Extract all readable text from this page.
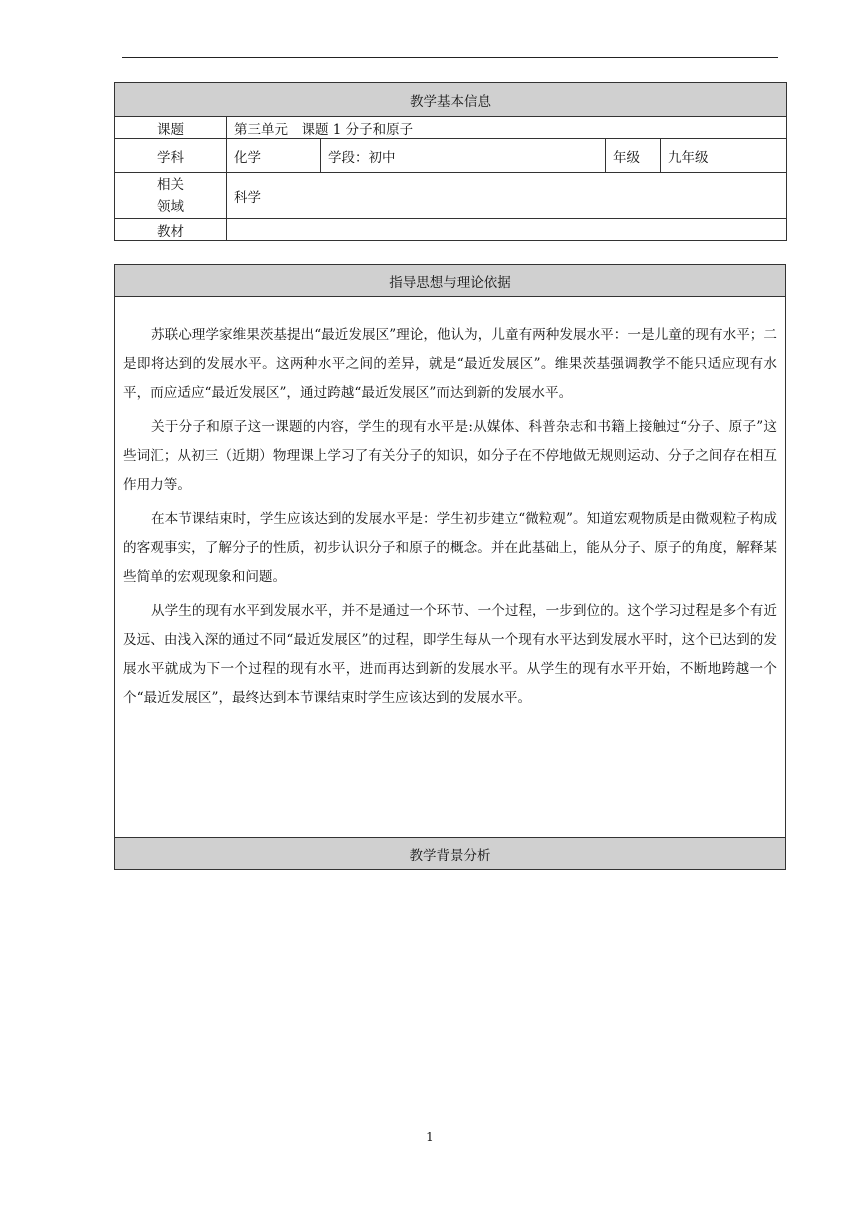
教学基本信息				
课题	第三单元　课题 1 分子和原子			
学科	化学	学段：初中	年级	九年级

相关
领域	科学			
教材				
指导思想与理论依据

苏联心理学家维果茨基提出“最近发展区”理论，他认为，儿童有两种发展水平：一是儿童的现有水平；二是即将达到的发展水平。这两种水平之间的差异，就是“最近发展区”。维果茨基强调教学不能只适应现有水平，而应适应“最近发展区”，通过跨越“最近发展区”而达到新的发展水平。

关于分子和原子这一课题的内容，学生的现有水平是:从媒体、科普杂志和书籍上接触过“分子、原子”这些词汇；从初三（近期）物理课上学习了有关分子的知识，如分子在不停地做无规则运动、分子之间存在相互作用力等。

在本节课结束时，学生应该达到的发展水平是：学生初步建立“微粒观”。知道宏观物质是由微观粒子构成的客观事实，了解分子的性质，初步认识分子和原子的概念。并在此基础上，能从分子、原子的角度，解释某些简单的宏观现象和问题。

从学生的现有水平到发展水平，并不是通过一个环节、一个过程，一步到位的。这个学习过程是多个有近及远、由浅入深的通过不同“最近发展区”的过程，即学生每从一个现有水平达到发展水平时，这个已达到的发展水平就成为下一个过程的现有水平，进而再达到新的发展水平。从学生的现有水平开始，不断地跨越一个个“最近发展区”，最终达到本节课结束时学生应该达到的发展水平。

教学背景分析
1
